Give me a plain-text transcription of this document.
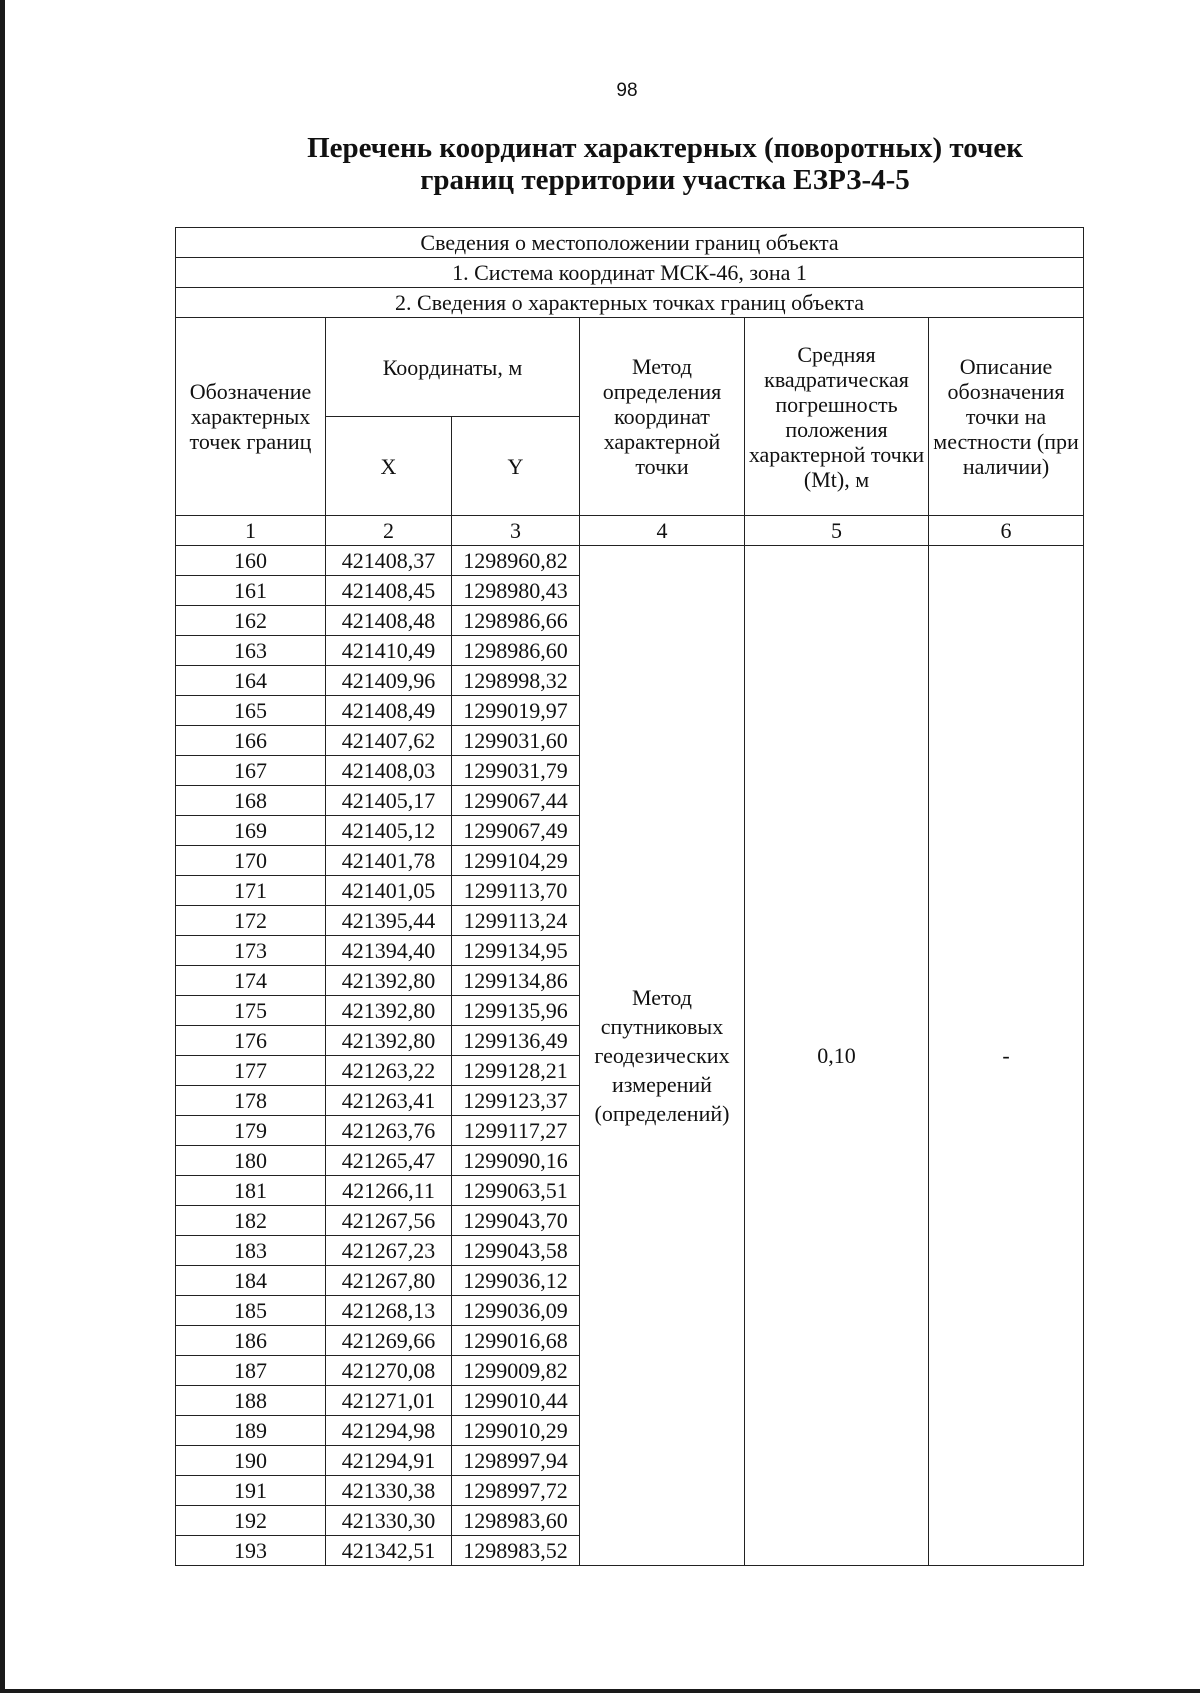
98
Перечень координат характерных (поворотных) точек
границ территории участка ЕЗРЗ-4-5
Сведения о местоположении границ объекта					
1. Система координат МСК-46, зона 1					
2. Сведения о характерных точках границ объекта					
Обозначение характерных точек границ	Координаты, м		Метод определения координат характерной точки	Средняя квадратическая погрешность положения характерной точки (Mt), м	Описание обозначения точки на местности (при наличии)
	X	Y			
1	2	3	4	5	6
160	421408,37	1298960,82	Метод спутниковых геодезических измерений (определений)	0,10	-
161	421408,45	1298980,43			
162	421408,48	1298986,66			
163	421410,49	1298986,60			
164	421409,96	1298998,32			
165	421408,49	1299019,97			
166	421407,62	1299031,60			
167	421408,03	1299031,79			
168	421405,17	1299067,44			
169	421405,12	1299067,49			
170	421401,78	1299104,29			
171	421401,05	1299113,70			
172	421395,44	1299113,24			
173	421394,40	1299134,95			
174	421392,80	1299134,86			
175	421392,80	1299135,96			
176	421392,80	1299136,49			
177	421263,22	1299128,21			
178	421263,41	1299123,37			
179	421263,76	1299117,27			
180	421265,47	1299090,16			
181	421266,11	1299063,51			
182	421267,56	1299043,70			
183	421267,23	1299043,58			
184	421267,80	1299036,12			
185	421268,13	1299036,09			
186	421269,66	1299016,68			
187	421270,08	1299009,82			
188	421271,01	1299010,44			
189	421294,98	1299010,29			
190	421294,91	1298997,94			
191	421330,38	1298997,72			
192	421330,30	1298983,60			
193	421342,51	1298983,52			
